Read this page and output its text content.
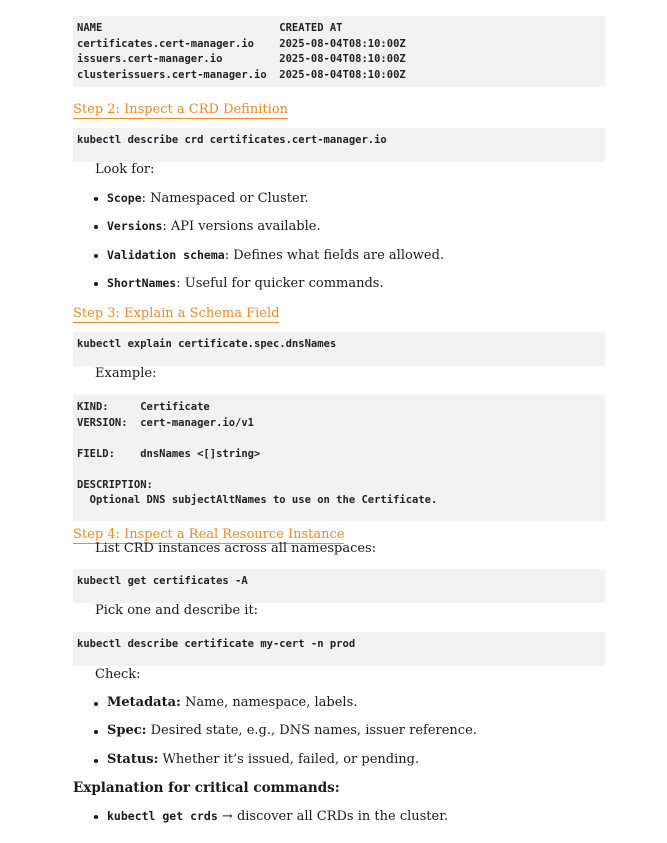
NAME                            CREATED AT
certificates.cert-manager.io    2025-08-04T08:10:00Z
issuers.cert-manager.io         2025-08-04T08:10:00Z
clusterissuers.cert-manager.io  2025-08-04T08:10:00Z
Step 2: Inspect a CRD Definition
kubectl describe crd certificates.cert-manager.io

Look for:

Scope: Namespaced or Cluster.
Versions: API versions available.
Validation schema: Defines what fields are allowed.
ShortNames: Useful for quicker commands.
Step 3: Explain a Schema Field
kubectl explain certificate.spec.dnsNames

Example:

KIND:     Certificate
VERSION:  cert-manager.io/v1

FIELD:    dnsNames <[]string>

DESCRIPTION:
Optional DNS subjectAltNames to use on the Certificate.
Step 4: Inspect a Real Resource Instance

List CRD instances across all namespaces:

kubectl get certificates -A

Pick one and describe it:

kubectl describe certificate my-cert -n prod

Check:

Metadata: Name, namespace, labels.
Spec: Desired state, e.g., DNS names, issuer reference.
Status: Whether it’s issued, failed, or pending.
Explanation for critical commands:
kubectl get crds → discover all CRDs in the cluster.
